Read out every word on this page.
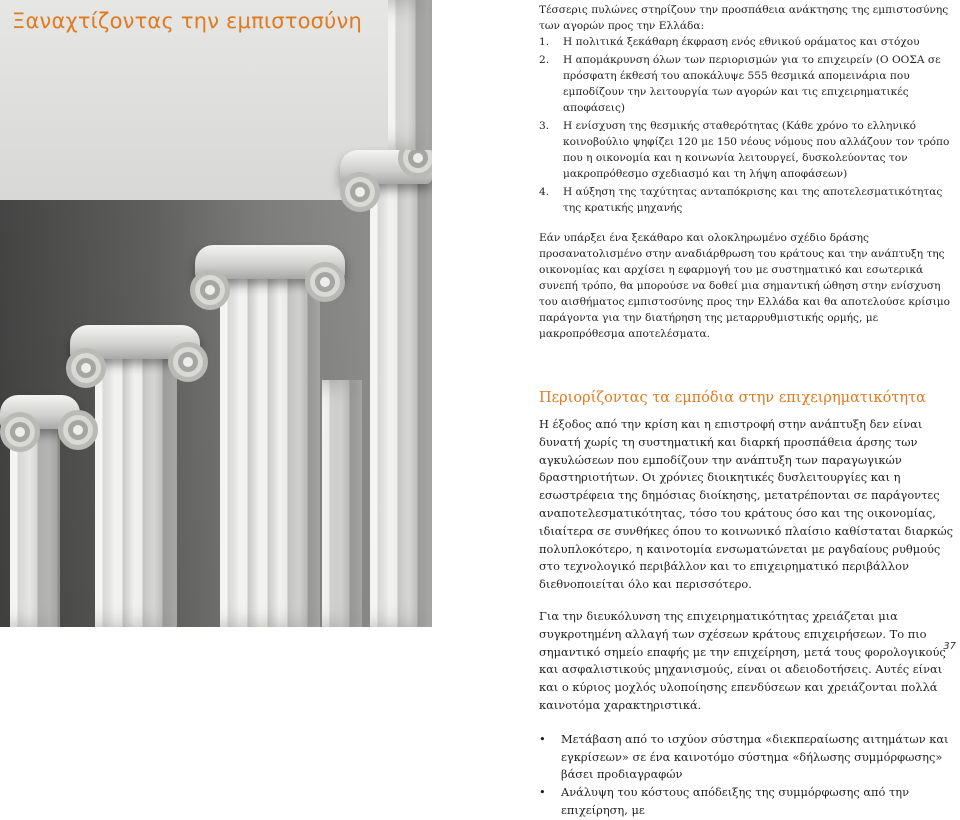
Ξαναχτίζοντας την εμπιστοσύνη	Τέσσερις πυλώνες στηρίζουν την προσπάθεια ανάκτησης της εμπιστοσύνης των αγορών προς την Ελλάδα:
1.	Η πολιτικά ξεκάθαρη έκφραση ενός εθνικού οράματος και στόχου
2.	Η απομάκρυνση όλων των περιορισμών για το επιχειρείν (Ο ΟΟΣΑ σε πρόσφατη έκθεσή του αποκάλυψε 555 θεσμικά απομεινάρια που εμποδίζουν την λειτουργία των αγορών και τις επιχειρηματικές αποφάσεις)
3.	Η ενίσχυση της θεσμικής σταθερότητας (Κάθε χρόνο το ελληνικό κοινοβούλιο ψηφίζει 120 με 150 νέους νόμους που αλλάζουν τον τρόπο που η οικονομία και η κοινωνία λειτουργεί, δυσκολεύοντας τον μακροπρόθεσμο σχεδιασμό και τη λήψη αποφάσεων)
4.	Η αύξηση της ταχύτητας ανταπόκρισης και της αποτελεσματικότητας της κρατικής μηχανής

Εάν υπάρξει ένα ξεκάθαρο και ολοκληρωμένο σχέδιο δράσης προσανατολισμένο στην αναδιάρθρωση του κράτους και την ανάπτυξη της οικονομίας και αρχίσει η εφαρμογή του με συστηματικό και εσωτερικά συνεπή τρόπο, θα μπορούσε να δοθεί μια σημαντική ώθηση στην ενίσχυση του αισθήματος εμπιστοσύνης προς την Ελλάδα και θα αποτελούσε κρίσιμο παράγοντα για την διατήρηση της μεταρρυθμιστικής ορμής, με μακροπρόθεσμα αποτελέσματα.

Περιορίζοντας τα εμπόδια στην επιχειρηματικότητα

Η έξοδος από την κρίση και η επιστροφή στην ανάπτυξη δεν είναι δυνατή χωρίς τη συστηματική και διαρκή προσπάθεια άρσης των αγκυλώσεων που εμποδίζουν την ανάπτυξη των παραγωγικών δραστηριοτήτων. Οι χρόνιες διοικητικές δυσλειτουργίες και η εσωστρέφεια της δημόσιας διοίκησης, μετατρέπονται σε παράγοντες αναποτελεσματικότητας, τόσο του κράτους όσο και της οικονομίας, ιδιαίτερα σε συνθήκες όπου το κοινωνικό πλαίσιο καθίσταται διαρκώς πολυπλοκότερο, η καινοτομία ενσωματώνεται με ραγδαίους ρυθμούς στο τεχνολογικό περιβάλλον και το επιχειρηματικό περιβάλλον διεθνοποιείται όλο και περισσότερο.

Για την διευκόλυνση της επιχειρηματικότητας χρειάζεται μια συγκροτημένη αλλαγή των σχέσεων κράτους επιχειρήσεων. Το πιο σημαντικό σημείο επαφής με την επιχείρηση, μετά τους φορολογικούς και ασφαλιστικούς μηχανισμούς, είναι οι αδειοδοτήσεις. Αυτές είναι και ο κύριος μοχλός υλοποίησης επενδύσεων και χρειάζονται πολλά καινοτόμα χαρακτηριστικά.

•	Μετάβαση από το ισχύον σύστημα «διεκπεραίωσης αιτημάτων και εγκρίσεων» σε ένα καινοτόμο σύστημα «δήλωσης συμμόρφωσης» βάσει προδιαγραφών
•	Ανάλυψη του κόστους απόδειξης της συμμόρφωσης από την επιχείρηση, με
37
